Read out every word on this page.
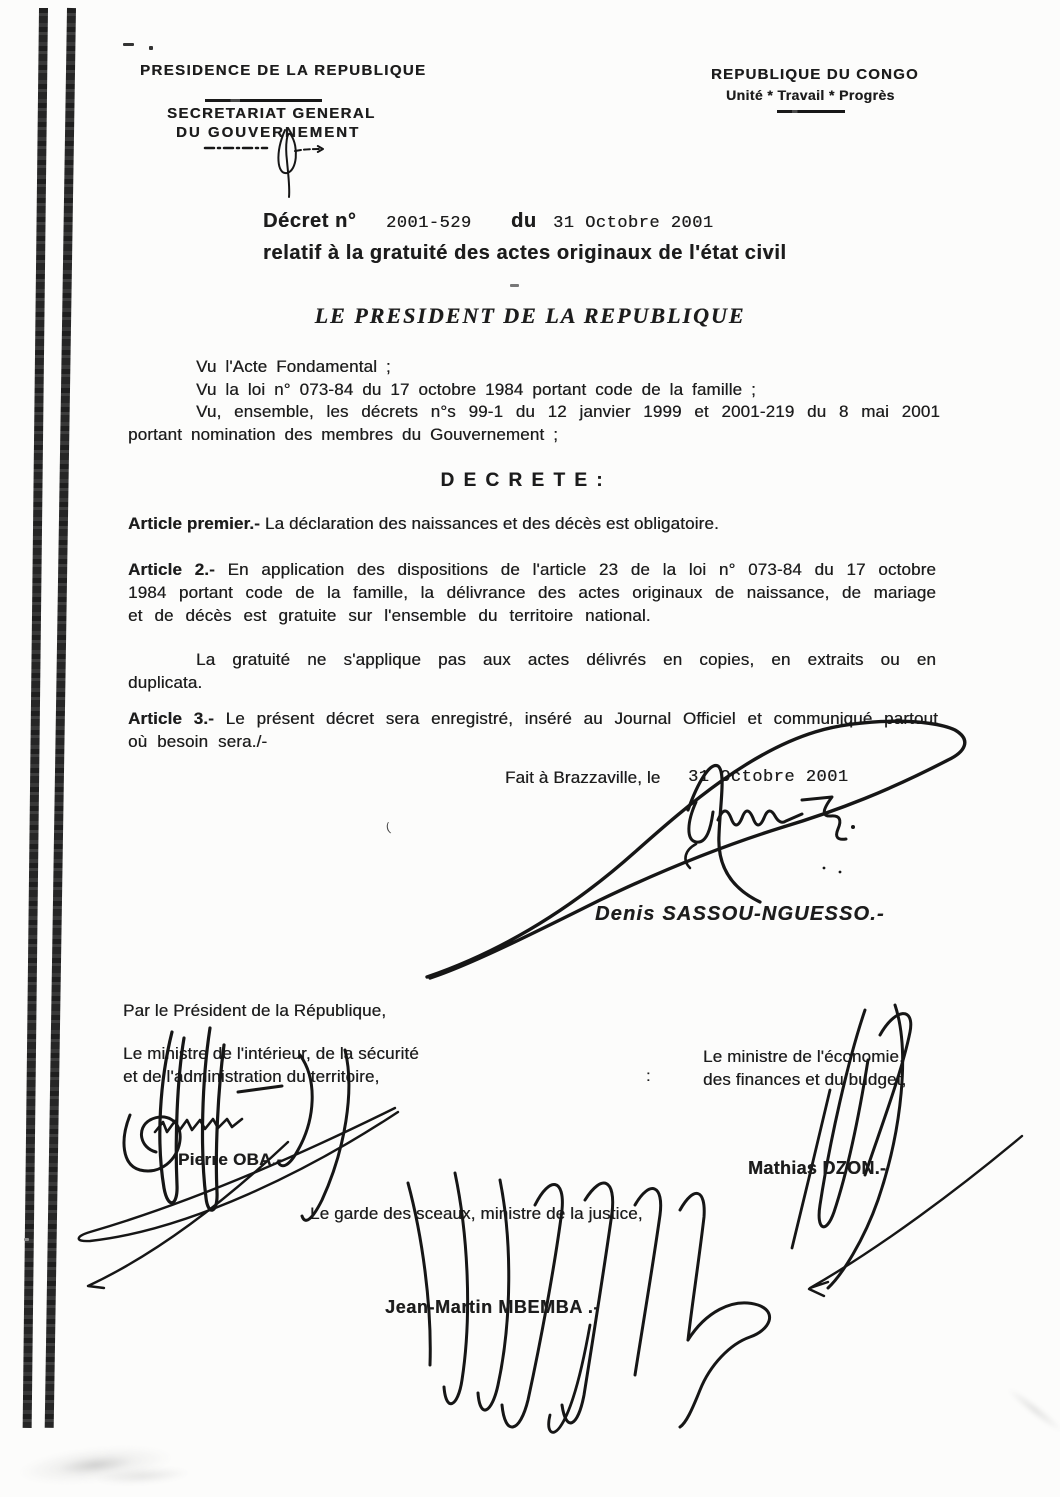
PRESIDENCE DE LA REPUBLIQUE
SECRETARIAT GENERAL
DU GOUVERNEMENT
REPUBLIQUE DU CONGO
Unité * Travail * Progrès
Décret n° 2001-529 du 31 Octobre 2001
relatif à la gratuité des actes originaux de l'état civil
LE PRESIDENT DE LA REPUBLIQUE

Vu l'Acte Fondamental ;

Vu la loi n° 073-84 du 17 octobre 1984 portant code de la famille ;

Vu, ensemble, les décrets n°s 99-1 du 12 janvier 1999 et 2001-219 du 8 mai 2001 portant nomination des membres du Gouvernement ;

D E C R E T E :

Article premier.- La déclaration des naissances et des décès est obligatoire.

Article 2.- En application des dispositions de l'article 23 de la loi n° 073-84 du 17 octobre 1984 portant code de la famille, la délivrance des actes originaux de naissance, de mariage et de décès est gratuite sur l'ensemble du territoire national.

La gratuité ne s'applique pas aux actes délivrés en copies, en extraits ou en duplicata.

Article 3.- Le présent décret sera enregistré, inséré au Journal Officiel et communiqué partout où besoin sera./-

Fait à Brazzaville, le 31 Octobre 2001
(
Denis SASSOU-NGUESSO.-
Par le Président de la République,
Le ministre de l'intérieur, de la sécurité
et de l'administration du territoire,
Le ministre de l'économie,
des finances et du budget,
:
Pierre OBA.-	Mathias DZON.-
Le garde des sceaux, ministre de la justice,
Jean-Martin MBEMBA .-
